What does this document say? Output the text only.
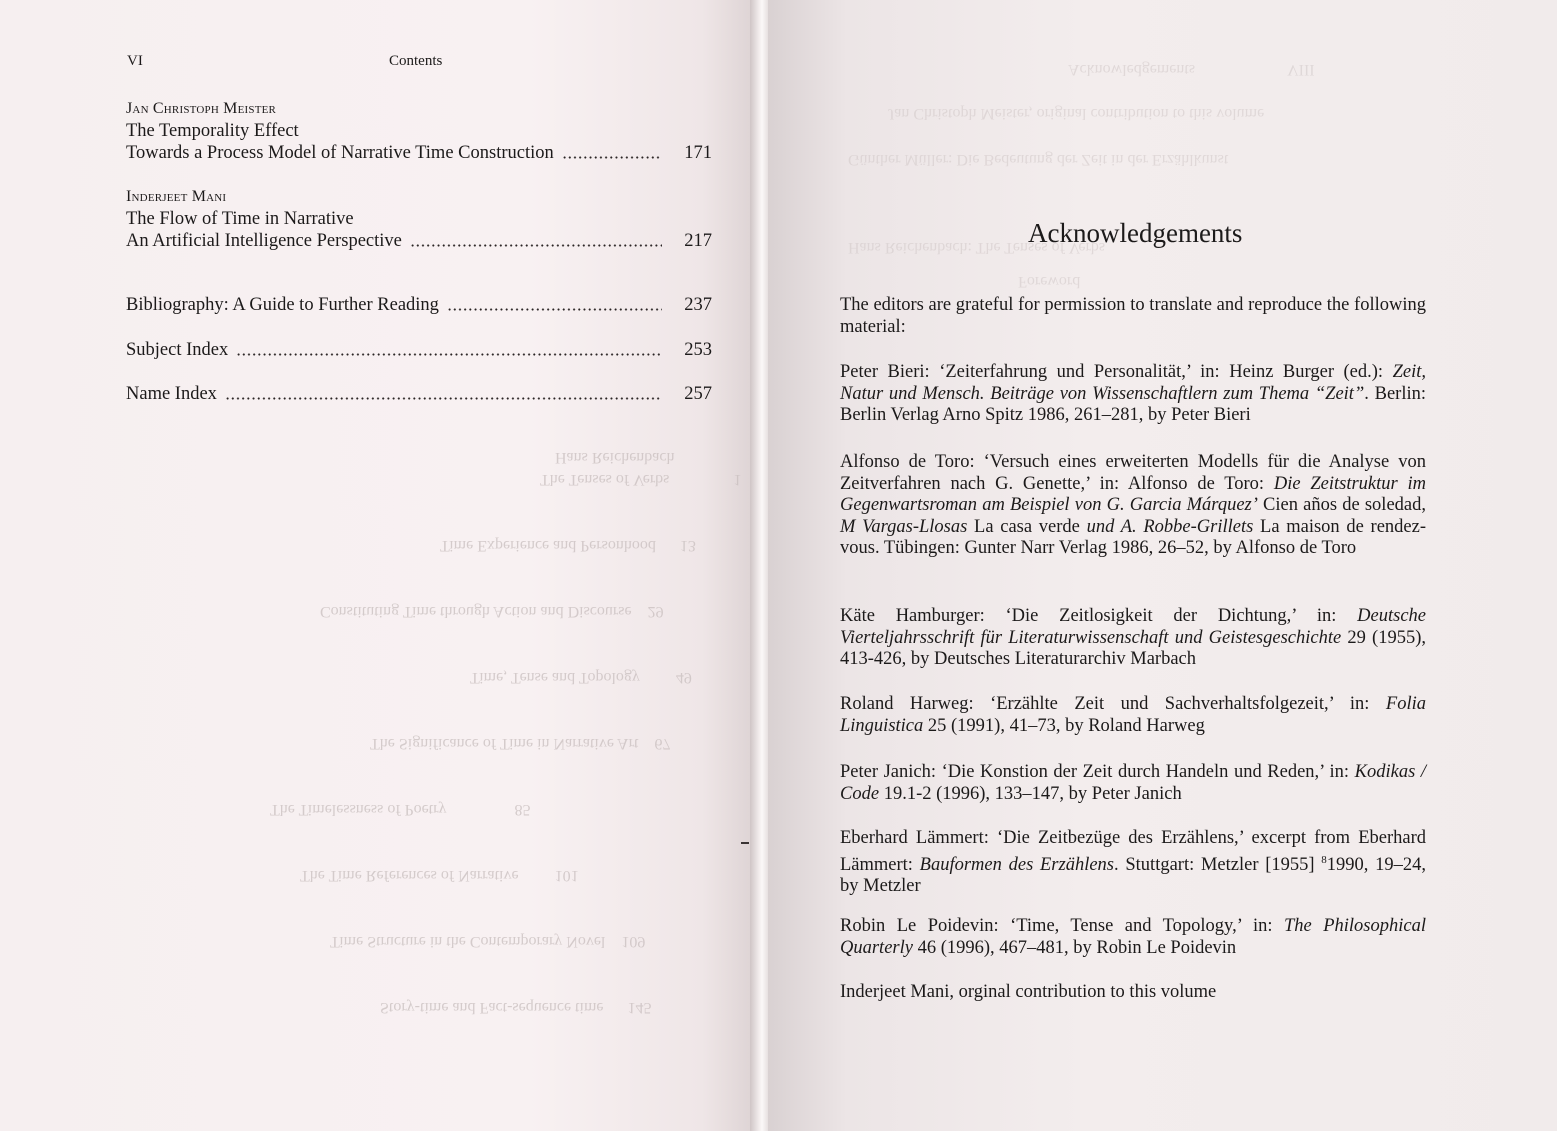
Hans Reichenbach
The Tenses of Verbs                1
Time Experience and Personhood      13
Constituting Time through Action and Discourse    29
Time, Tense and Topology         49
The Significance of Time in Narrative Art    67
The Timelessness of Poetry                 85
The Time References of Narrative         101
Time Structure in the Contemporary Novel    109
Story-time and Fact-sequence time      145
VI	Contents
Jan Christoph Meister
The Temporality Effect
Towards a Process Model of Narrative Time Construction	171
Inderjeet Mani
The Flow of Time in Narrative
An Artificial Intelligence Perspective	217
Bibliography: A Guide to Further Reading	237
Subject Index	253
Name Index	257
Acknowledgements                       VIII
Jan Christoph Meister, original contribution to this volume
Günther Müller: Die Bedeutung der Zeit in der Erzählkunst
Hans Reichenbach: The Tenses of Verbs
Foreword
Acknowledgements
The editors are grateful for permission to translate and reproduce the following material:
Peter Bieri: ‘Zeiterfahrung und Personalität,’ in: Heinz Burger (ed.): Zeit, Natur und Mensch. Beiträge von Wissenschaftlern zum Thema “Zeit”. Berlin: Berlin Verlag Arno Spitz 1986, 261–281, by Peter Bieri
Alfonso de Toro: ‘Versuch eines erweiterten Modells für die Analyse von Zeitverfahren nach G. Genette,’ in: Alfonso de Toro: Die Zeitstruktur im Gegenwartsroman am Beispiel von G. Garcia Márquez’ Cien años de soledad, M Vargas-Llosas La casa verde und A. Robbe-Grillets La maison de rendez-vous. Tübingen: Gunter Narr Verlag 1986, 26–52, by Alfonso de Toro
Käte Hamburger: ‘Die Zeitlosigkeit der Dichtung,’ in: Deutsche Vierteljahrsschrift für Literaturwissenschaft und Geistesgeschichte 29 (1955), 413-426, by Deutsches Literaturarchiv Marbach
Roland Harweg: ‘Erzählte Zeit und Sachverhaltsfolgezeit,’ in: Folia Linguistica 25 (1991), 41–73, by Roland Harweg
Peter Janich: ‘Die Konstion der Zeit durch Handeln und Reden,’ in: Kodikas / Code 19.1-2 (1996), 133–147, by Peter Janich
Eberhard Lämmert: ‘Die Zeitbezüge des Erzählens,’ excerpt from Eberhard Lämmert: Bauformen des Erzählens. Stuttgart: Metzler [1955] $^8$1990, 19–24, by Metzler
Robin Le Poidevin: ‘Time, Tense and Topology,’ in: The Philosophical Quarterly 46 (1996), 467–481, by Robin Le Poidevin
Inderjeet Mani, orginal contribution to this volume
